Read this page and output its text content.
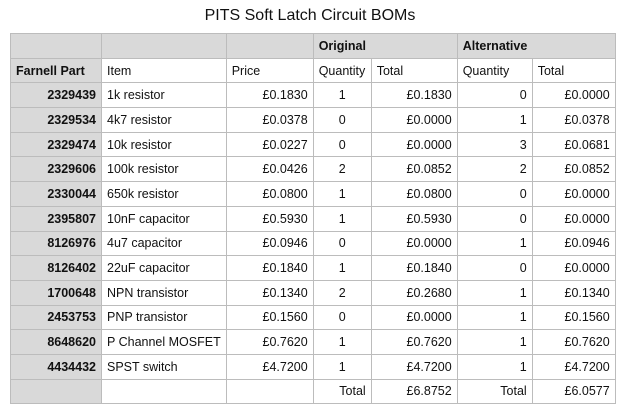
PITS Soft Latch Circuit BOMs
			Original		Alternative	
Farnell Part	Item	Price	Quantity	Total	Quantity	Total
2329439	1k resistor	£0.1830	1	£0.1830	0	£0.0000
2329534	4k7 resistor	£0.0378	0	£0.0000	1	£0.0378
2329474	10k resistor	£0.0227	0	£0.0000	3	£0.0681
2329606	100k resistor	£0.0426	2	£0.0852	2	£0.0852
2330044	650k resistor	£0.0800	1	£0.0800	0	£0.0000
2395807	10nF capacitor	£0.5930	1	£0.5930	0	£0.0000
8126976	4u7 capacitor	£0.0946	0	£0.0000	1	£0.0946
8126402	22uF capacitor	£0.1840	1	£0.1840	0	£0.0000
1700648	NPN transistor	£0.1340	2	£0.2680	1	£0.1340
2453753	PNP transistor	£0.1560	0	£0.0000	1	£0.1560
8648620	P Channel MOSFET	£0.7620	1	£0.7620	1	£0.7620
4434432	SPST switch	£4.7200	1	£4.7200	1	£4.7200
			Total	£6.8752	Total	£6.0577
